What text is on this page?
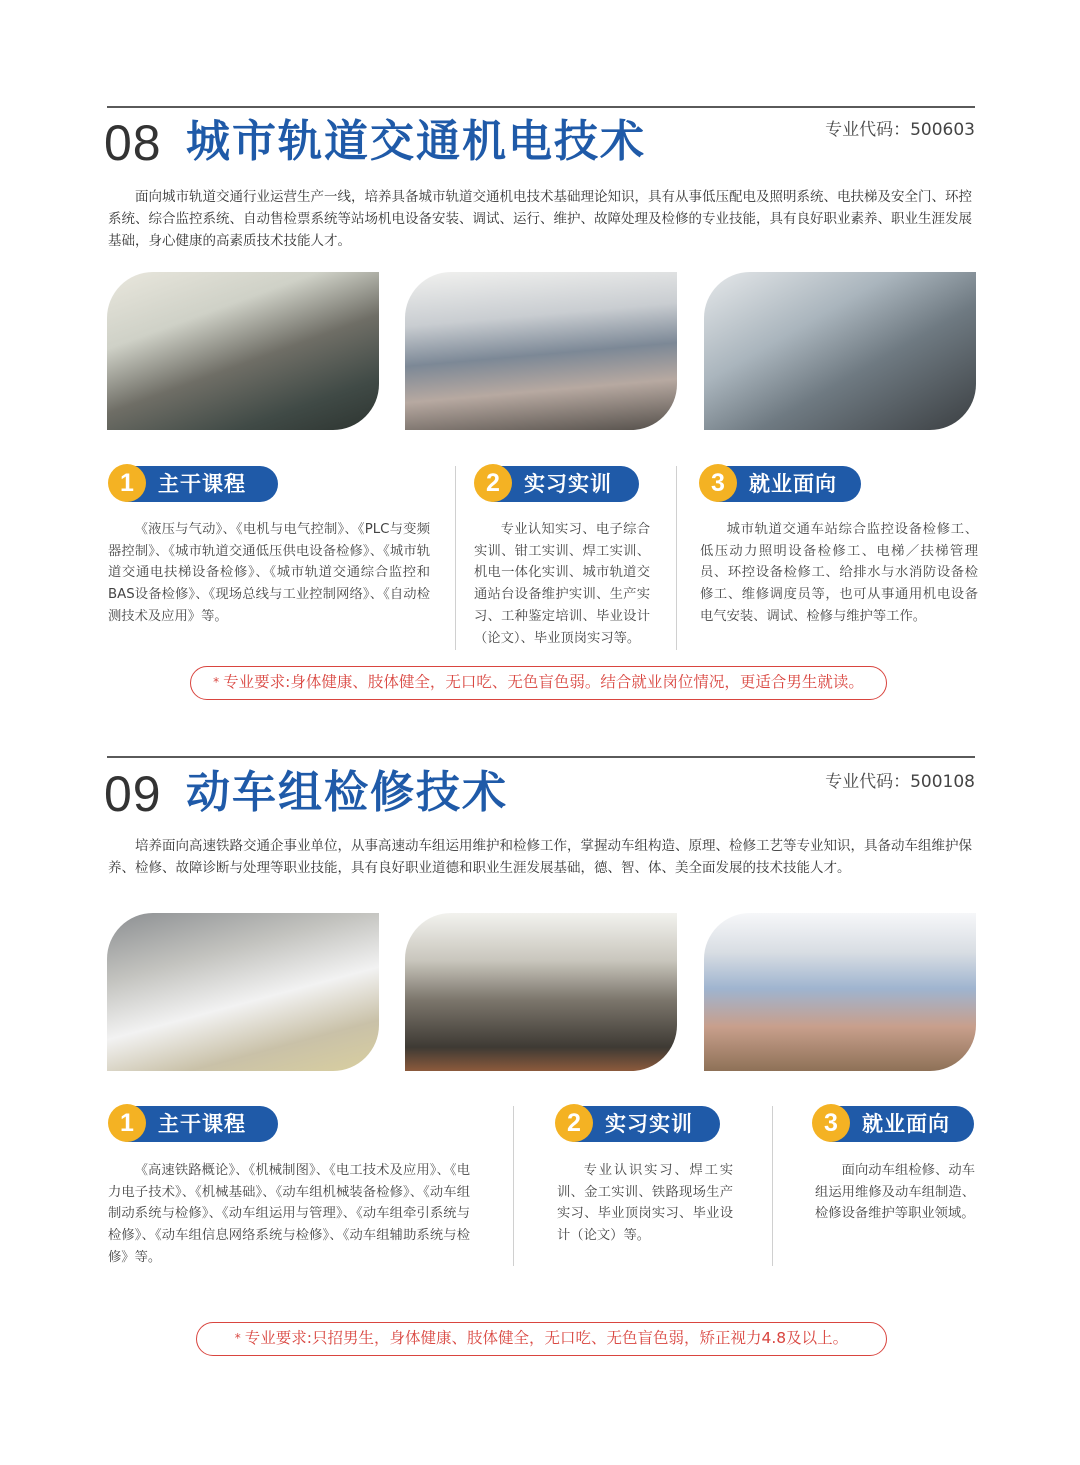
08 城市轨道交通机电技术	专业代码：500603

面向城市轨道交通行业运营生产一线，培养具备城市轨道交通机电技术基础理论知识，具有从事低压配电及照明系统、电扶梯及安全门、环控系统、综合监控系统、自动售检票系统等站场机电设备安装、调试、运行、维护、故障处理及检修的专业技能，具有良好职业素养、职业生涯发展基础，身心健康的高素质技术技能人才。

1	主干课程	2	实习实训	3	就业面向

《液压与气动》、《电机与电气控制》、《PLC与变频器控制》、《城市轨道交通低压供电设备检修》、《城市轨道交通电扶梯设备检修》、《城市轨道交通综合监控和BAS设备检修》、《现场总线与工业控制网络》、《自动检测技术及应用》等。

专业认知实习、电子综合实训、钳工实训、焊工实训、机电一体化实训、城市轨道交通站台设备维护实训、生产实习、工种鉴定培训、毕业设计（论文）、毕业顶岗实习等。

城市轨道交通车站综合监控设备检修工、低压动力照明设备检修工、电梯／扶梯管理员、环控设备检修工、给排水与水消防设备检修工、维修调度员等，也可从事通用机电设备电气安装、调试、检修与维护等工作。

* 专业要求:身体健康、肢体健全，无口吃、无色盲色弱。结合就业岗位情况，更适合男生就读。
09 动车组检修技术	专业代码：500108

培养面向高速铁路交通企事业单位，从事高速动车组运用维护和检修工作，掌握动车组构造、原理、检修工艺等专业知识，具备动车组维护保养、检修、故障诊断与处理等职业技能，具有良好职业道德和职业生涯发展基础，德、智、体、美全面发展的技术技能人才。

1	主干课程	2	实习实训	3	就业面向

《高速铁路概论》、《机械制图》、《电工技术及应用》、《电力电子技术》、《机械基础》、《动车组机械装备检修》、《动车组制动系统与检修》、《动车组运用与管理》、《动车组牵引系统与检修》、《动车组信息网络系统与检修》、《动车组辅助系统与检修》等。

专业认识实习、焊工实训、金工实训、铁路现场生产实习、毕业顶岗实习、毕业设计（论文）等。

面向动车组检修、动车组运用维修及动车组制造、检修设备维护等职业领域。

* 专业要求:只招男生，身体健康、肢体健全，无口吃、无色盲色弱，矫正视力4.8及以上。
